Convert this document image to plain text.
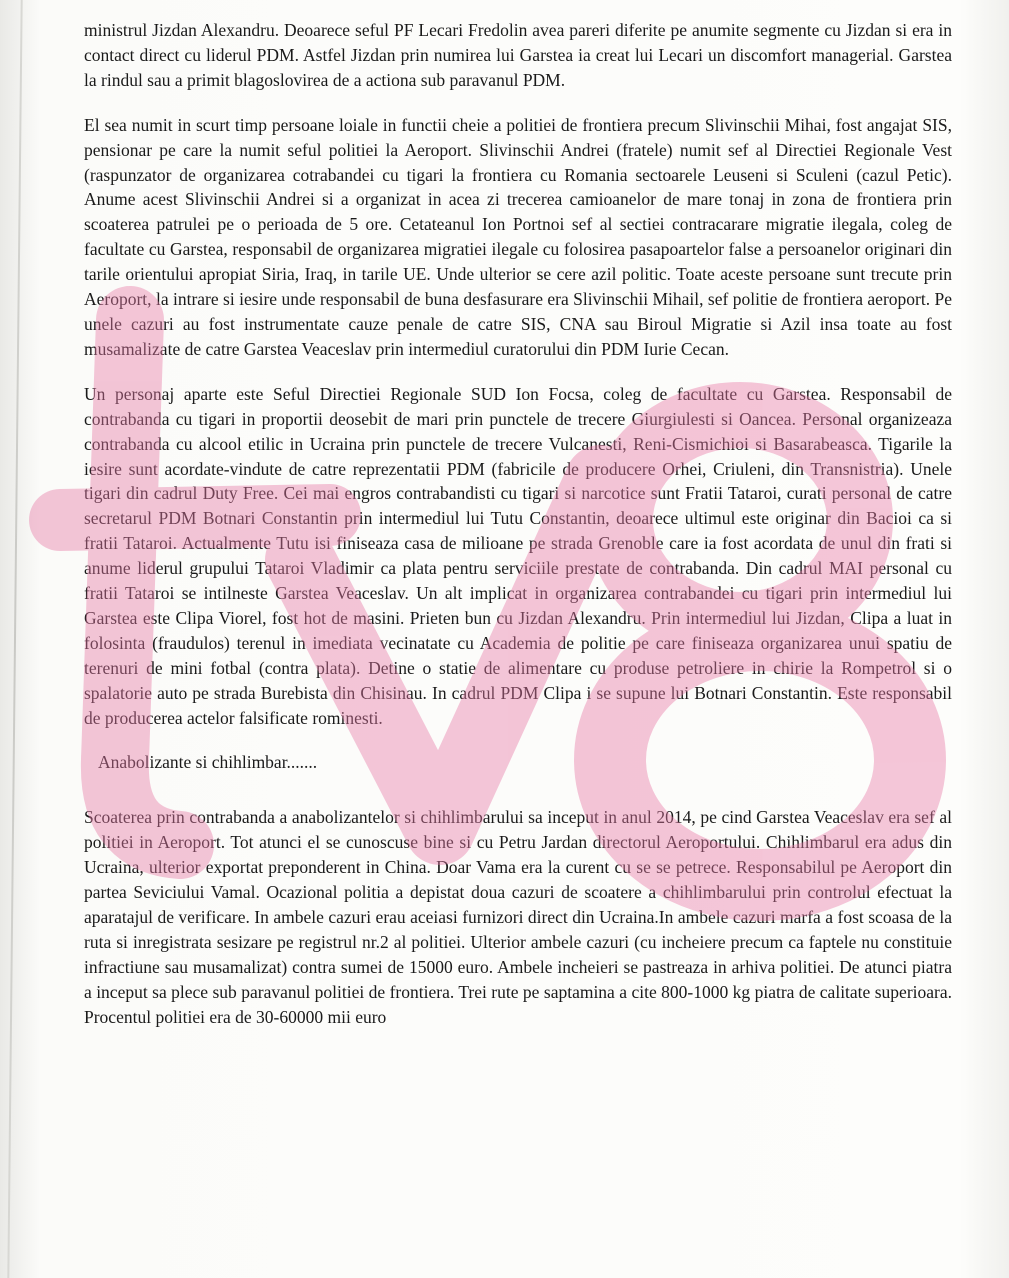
ministrul Jizdan Alexandru. Deoarece seful PF Lecari Fredolin avea pareri diferite pe anumite segmente cu Jizdan si era in contact direct cu liderul PDM. Astfel Jizdan prin numirea lui Garstea ia creat lui Lecari un discomfort managerial. Garstea la rindul sau a primit blagoslovirea de a actiona sub paravanul PDM.

El sea numit in scurt timp persoane loiale in functii cheie a politiei de frontiera precum Slivinschii Mihai, fost angajat SIS, pensionar pe care la numit seful politiei la Aeroport. Slivinschii Andrei (fratele) numit sef al Directiei Regionale Vest (raspunzator de organizarea cotrabandei cu tigari la frontiera cu Romania sectoarele Leuseni si Sculeni (cazul Petic). Anume acest Slivinschii Andrei si a organizat in acea zi trecerea camioanelor de mare tonaj in zona de frontiera prin scoaterea patrulei pe o perioada de 5 ore. Cetateanul Ion Portnoi sef al sectiei contracarare migratie ilegala, coleg de facultate cu Garstea, responsabil de organizarea migratiei ilegale cu folosirea pasapoartelor false a persoanelor originari din tarile orientului apropiat Siria, Iraq, in tarile UE. Unde ulterior se cere azil politic. Toate aceste persoane sunt trecute prin Aeroport, la intrare si iesire unde responsabil de buna desfasurare era Slivinschii Mihail, sef politie de frontiera aeroport. Pe unele cazuri au fost instrumentate cauze penale de catre SIS, CNA sau Biroul Migratie si Azil insa toate au fost musamalizate de catre Garstea Veaceslav prin intermediul curatorului din PDM Iurie Cecan.

Un personaj aparte este Seful Directiei Regionale SUD Ion Focsa, coleg de facultate cu Garstea. Responsabil de contrabanda cu tigari in proportii deosebit de mari prin punctele de trecere Giurgiulesti si Oancea. Personal organizeaza contrabanda cu alcool etilic in Ucraina prin punctele de trecere Vulcanesti, Reni-Cismichioi si Basarabeasca. Tigarile la iesire sunt acordate-vindute de catre reprezentatii PDM (fabricile de producere Orhei, Criuleni, din Transnistria). Unele tigari din cadrul Duty Free. Cei mai engros contrabandisti cu tigari si narcotice sunt Fratii Tataroi, curati personal de catre secretarul PDM Botnari Constantin prin intermediul lui Tutu Constantin, deoarece ultimul este originar din Bacioi ca si fratii Tataroi. Actualmente Tutu isi finiseaza casa de milioane pe strada Grenoble care ia fost acordata de unul din frati si anume liderul grupului Tataroi Vladimir ca plata pentru serviciile prestate de contrabanda. Din cadrul MAI personal cu fratii Tataroi se intilneste Garstea Veaceslav. Un alt implicat in organizarea contrabandei cu tigari prin intermediul lui Garstea este Clipa Viorel, fost hot de masini. Prieten bun cu Jizdan Alexandru. Prin intermediul lui Jizdan, Clipa a luat in folosinta (fraudulos) terenul in imediata vecinatate cu Academia de politie pe care finiseaza organizarea unui spatiu de terenuri de mini fotbal (contra plata). Detine o statie de alimentare cu produse petroliere in chirie la Rompetrol si o spalatorie auto pe strada Burebista din Chisinau. In cadrul PDM Clipa i se supune lui Botnari Constantin. Este responsabil de producerea actelor falsificate rominesti.

Anabolizante si chihlimbar.......

Scoaterea prin contrabanda a anabolizantelor si chihlimbarului sa inceput in anul 2014, pe cind Garstea Veaceslav era sef al politiei in Aeroport. Tot atunci el se cunoscuse bine si cu Petru Jardan directorul Aeroportului. Chihlimbarul era adus din Ucraina, ulterior exportat preponderent in China. Doar Vama era la curent cu se se petrece. Responsabilul pe Aeroport din partea Seviciului Vamal. Ocazional politia a depistat doua cazuri de scoatere a chihlimbarului prin controlul efectuat la aparatajul de verificare. In ambele cazuri erau aceiasi furnizori direct din Ucraina.In ambele cazuri marfa a fost scoasa de la ruta si inregistrata sesizare pe registrul nr.2 al politiei. Ulterior ambele cazuri (cu incheiere precum ca faptele nu constituie infractiune sau musamalizat) contra sumei de 15000 euro. Ambele incheieri se pastreaza in arhiva politiei. De atunci piatra a inceput sa plece sub paravanul politiei de frontiera. Trei rute pe saptamina a cite 800-1000 kg piatra de calitate superioara. Procentul politiei era de 30-60000 mii euro
